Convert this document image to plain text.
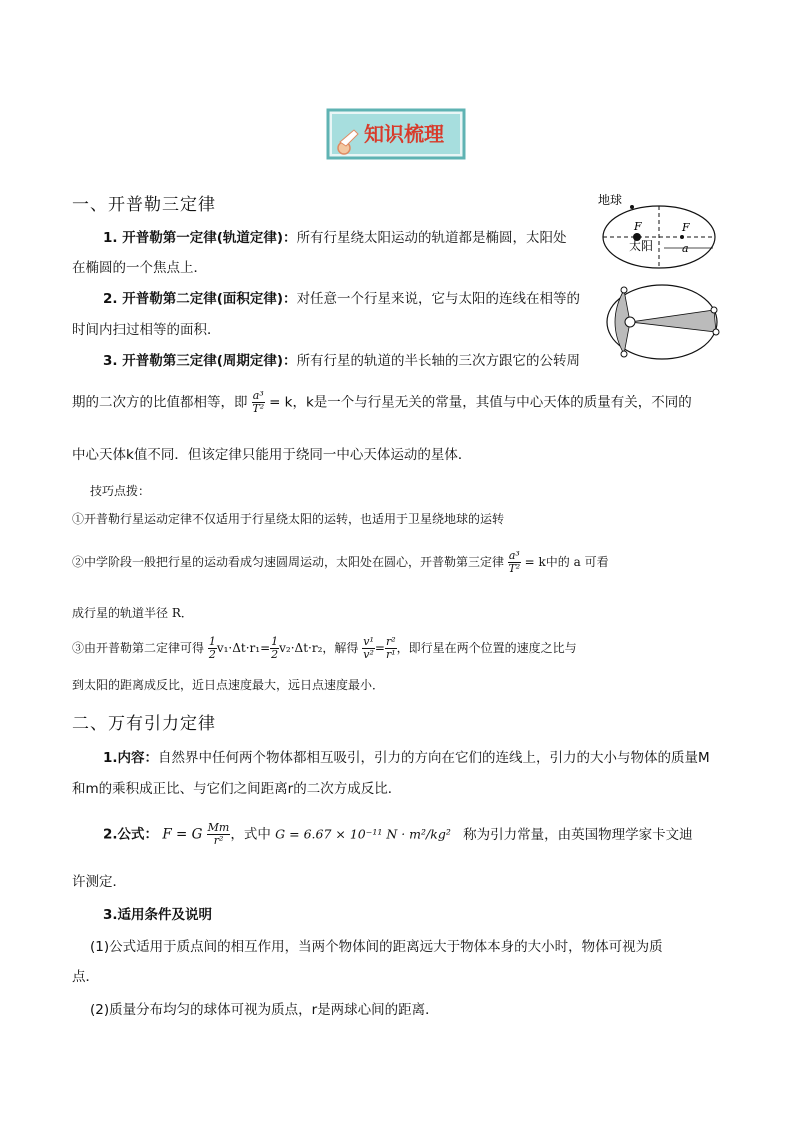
知识梳理
一、开普勒三定律	地球
F	F
太阳	a
1. 开普勒第一定律(轨道定律)：所有行星绕太阳运动的轨道都是椭圆，太阳处
在椭圆的一个焦点上．
2. 开普勒第二定律(面积定律)：对任意一个行星来说，它与太阳的连线在相等的
时间内扫过相等的面积．
3. 开普勒第三定律(周期定律)：所有行星的轨道的半长轴的三次方跟它的公转周
期的二次方的比值都相等，即 $\frac{\text{a³}}{\text{T²}} = k$，k是一个与行星无关的常量，其值与中心天体的质量有关，不同的
中心天体k值不同．但该定律只能用于绕同一中心天体运动的星体．
技巧点拨：
①开普勒行星运动定律不仅适用于行星绕太阳的运转，也适用于卫星绕地球的运转
②中学阶段一般把行星的运动看成匀速圆周运动，太阳处在圆心，开普勒第三定律 $\frac{\text{a³}}{\text{T²}} = k$中的 a 可看
成行星的轨道半径 R．
③由开普勒第二定律可得 $\frac{1}{2} v_1\cdot\Delta t\cdot r_1= \frac{1}{2} v_2\cdot\Delta t\cdot r_2$，解得 $\frac{\text{v¹}}{\text{v²}} = \frac{\text{r²}}{\text{r¹}}$ ，即行星在两个位置的速度之比与
到太阳的距离成反比，近日点速度最大，远日点速度最小．
二、万有引力定律
1.内容：自然界中任何两个物体都相互吸引，引力的方向在它们的连线上，引力的大小与物体的质量M
和m的乘积成正比、与它们之间距离r的二次方成反比．
2.公式： F = G $\frac{Mm}{\text{r²}}$ ，式中 G = 6.67 × 10⁻¹¹ N · m²/kg² 称为引力常量，由英国物理学家卡文迪
许测定．
3.适用条件及说明
(1)公式适用于质点间的相互作用，当两个物体间的距离远大于物体本身的大小时，物体可视为质
点．
(2)质量分布均匀的球体可视为质点，r是两球心间的距离．
